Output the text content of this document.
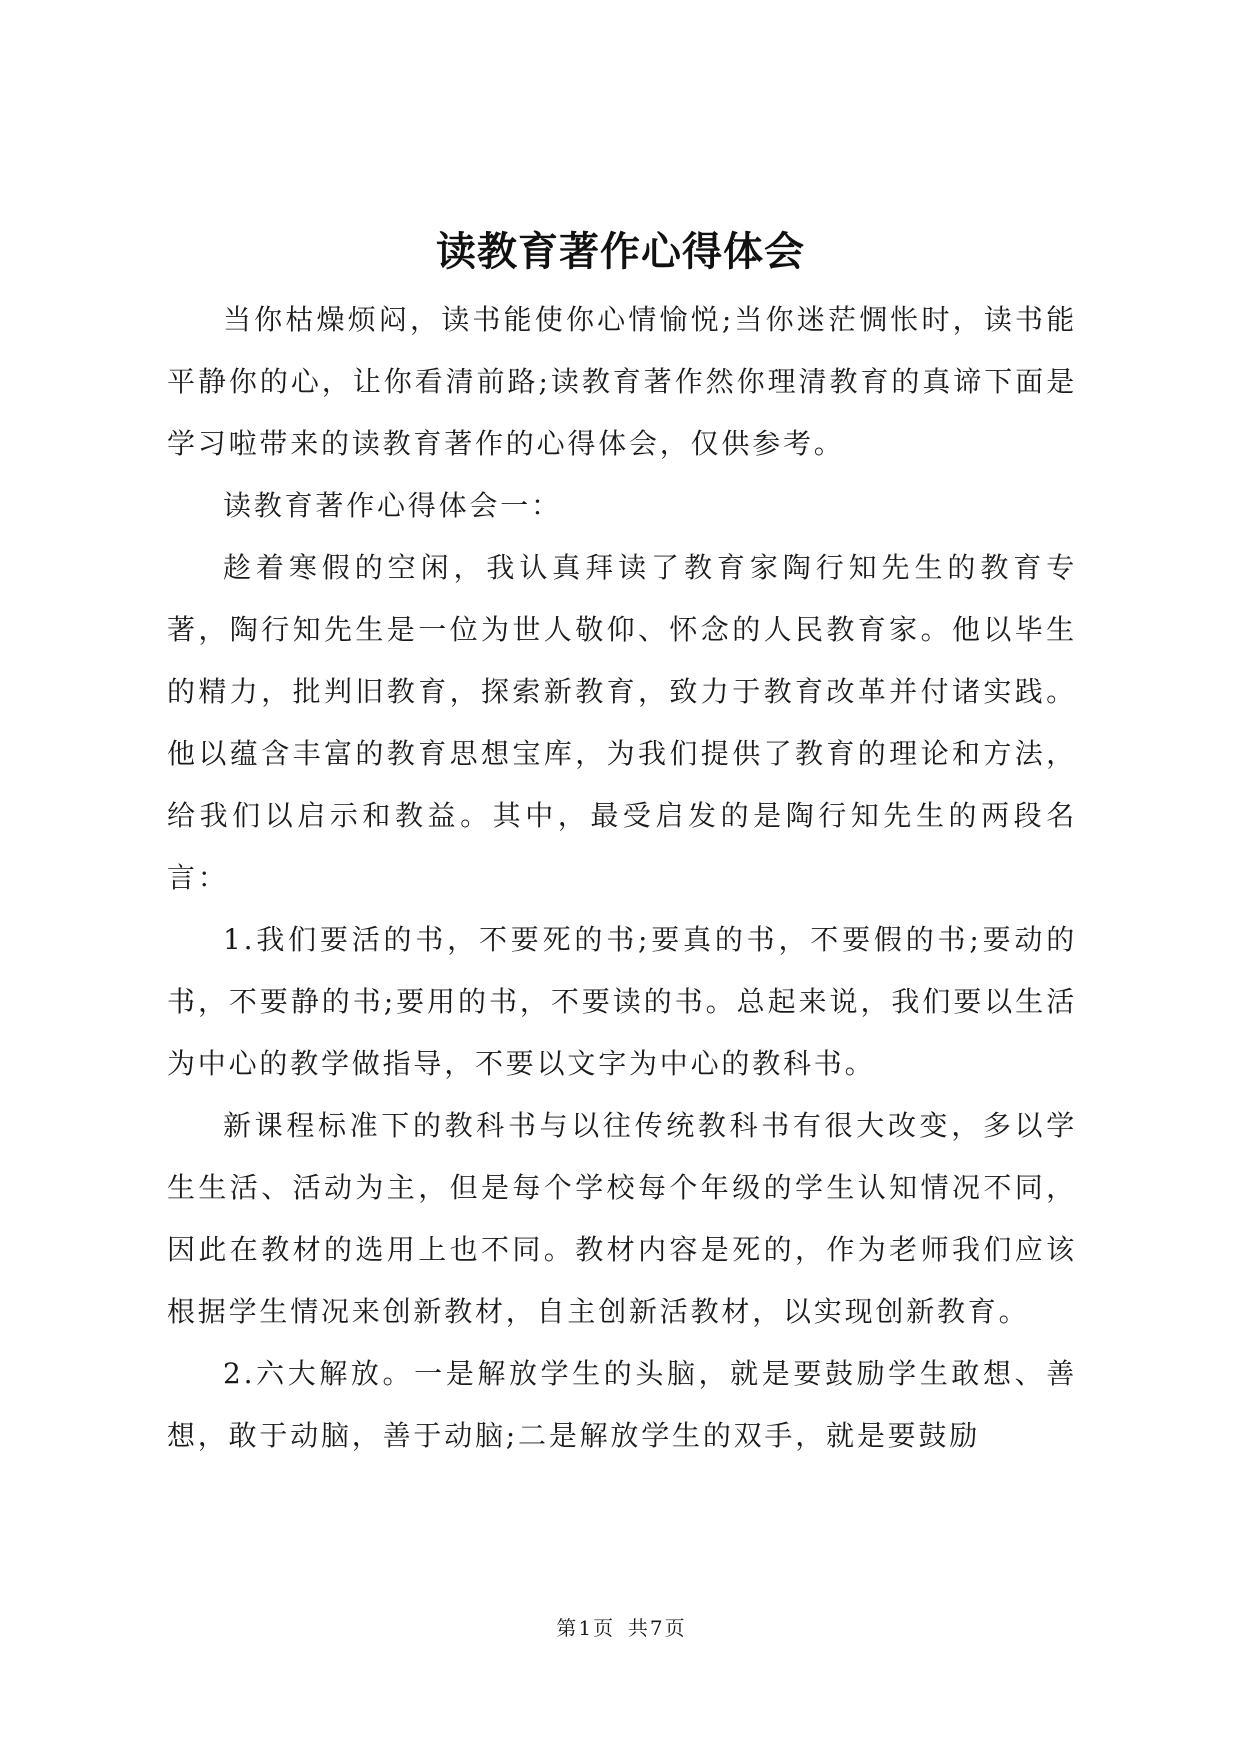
读教育著作心得体会

当你枯燥烦闷，读书能使你心情愉悦;当你迷茫惆怅时，读书能平静你的心，让你看清前路;读教育著作然你理清教育的真谛下面是学习啦带来的读教育著作的心得体会，仅供参考。

读教育著作心得体会一：

趁着寒假的空闲，我认真拜读了教育家陶行知先生的教育专著，陶行知先生是一位为世人敬仰、怀念的人民教育家。他以毕生的精力，批判旧教育，探索新教育，致力于教育改革并付诸实践。他以蕴含丰富的教育思想宝库，为我们提供了教育的理论和方法，给我们以启示和教益。其中，最受启发的是陶行知先生的两段名言：

1.我们要活的书，不要死的书;要真的书，不要假的书;要动的书，不要静的书;要用的书，不要读的书。总起来说，我们要以生活为中心的教学做指导，不要以文字为中心的教科书。

新课程标准下的教科书与以往传统教科书有很大改变，多以学生生活、活动为主，但是每个学校每个年级的学生认知情况不同，因此在教材的选用上也不同。教材内容是死的，作为老师我们应该根据学生情况来创新教材，自主创新活教材，以实现创新教育。

2.六大解放。一是解放学生的头脑，就是要鼓励学生敢想、善想，敢于动脑，善于动脑;二是解放学生的双手，就是要鼓励

第 1 页 共 7 页
